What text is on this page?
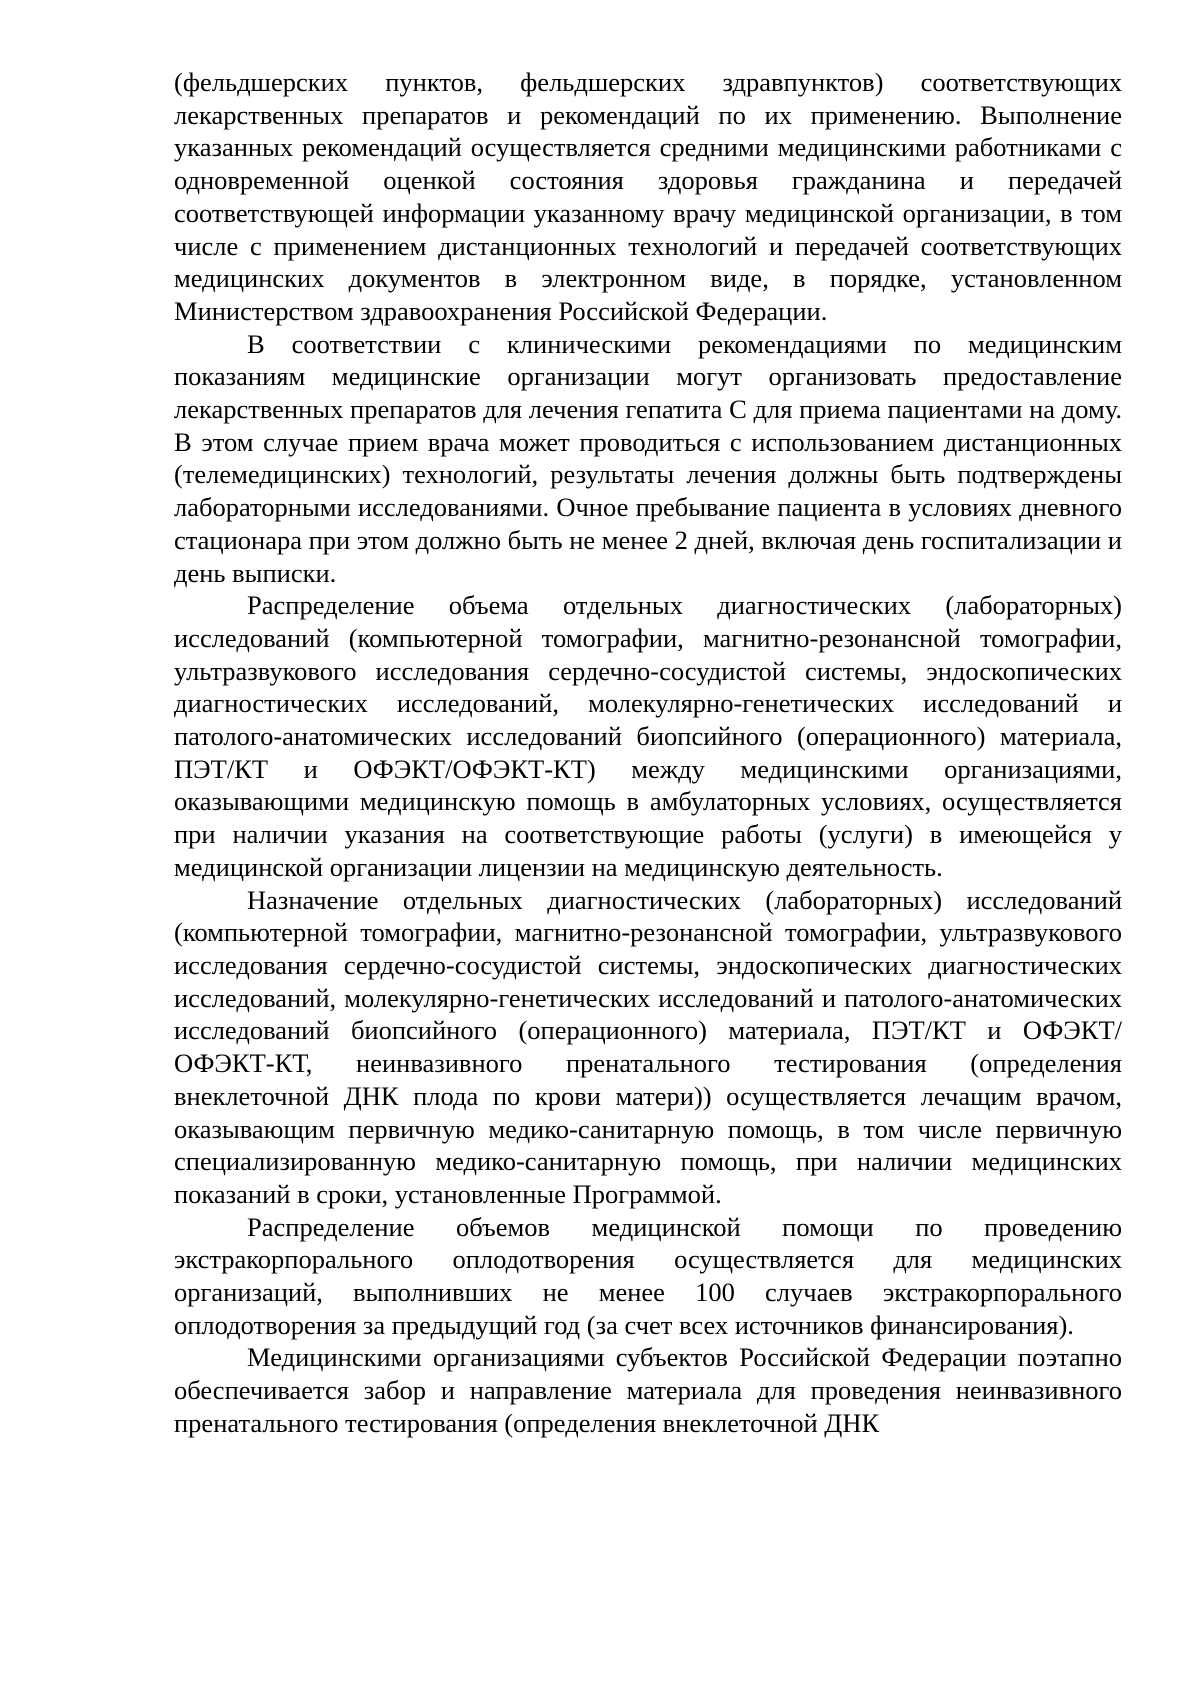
(фельдшерских пунктов, фельдшерских здравпунктов) соответствующих лекарственных препаратов и рекомендаций по их применению. Выполнение указанных рекомендаций осуществляется средними медицинскими работниками с одновременной оценкой состояния здоровья гражданина и передачей соответствующей информации указанному врачу медицинской организации, в том числе с применением дистанционных технологий и передачей соответствующих медицинских документов в электронном виде, в порядке, установленном Министерством здравоохранения Российской Федерации.

В соответствии с клиническими рекомендациями по медицинским показаниям медицинские организации могут организовать предоставление лекарственных препаратов для лечения гепатита С для приема пациентами на дому. В этом случае прием врача может проводиться с использованием дистанционных (телемедицинских) технологий, результаты лечения должны быть подтверждены лабораторными исследованиями. Очное пребывание пациента в условиях дневного стационара при этом должно быть не менее 2 дней, включая день госпитализации и день выписки.

Распределение объема отдельных диагностических (лабораторных) исследований (компьютерной томографии, магнитно-резонансной томографии, ультразвукового исследования сердечно-сосудистой системы, эндоскопических диагностических исследований, молекулярно-генетических исследований и патолого-анатомических исследований биопсийного (операционного) материала, ПЭТ/КТ и ОФЭКТ/ОФЭКТ-КТ) между медицинскими организациями, оказывающими медицинскую помощь в амбулаторных условиях, осуществляется при наличии указания на соответствующие работы (услуги) в имеющейся у медицинской организации лицензии на медицинскую деятельность.

Назначение отдельных диагностических (лабораторных) исследований (компьютерной томографии, магнитно-резонансной томографии, ультразвукового исследования сердечно-сосудистой системы, эндоскопических диагностических исследований, молекулярно-генетических исследований и патолого-анатомических исследований биопсийного (операционного) материала, ПЭТ/КТ и ОФЭКТ/ОФЭКТ-КТ, неинвазивного пренатального тестирования (определения внеклеточной ДНК плода по крови матери)) осуществляется лечащим врачом, оказывающим первичную медико-санитарную помощь, в том числе первичную специализированную медико-санитарную помощь, при наличии медицинских показаний в сроки, установленные Программой.

Распределение объемов медицинской помощи по проведению экстракорпорального оплодотворения осуществляется для медицинских организаций, выполнивших не менее 100 случаев экстракорпорального оплодотворения за предыдущий год (за счет всех источников финансирования).

Медицинскими организациями субъектов Российской Федерации поэтапно обеспечивается забор и направление материала для проведения неинвазивного пренатального тестирования (определения внеклеточной ДНК
